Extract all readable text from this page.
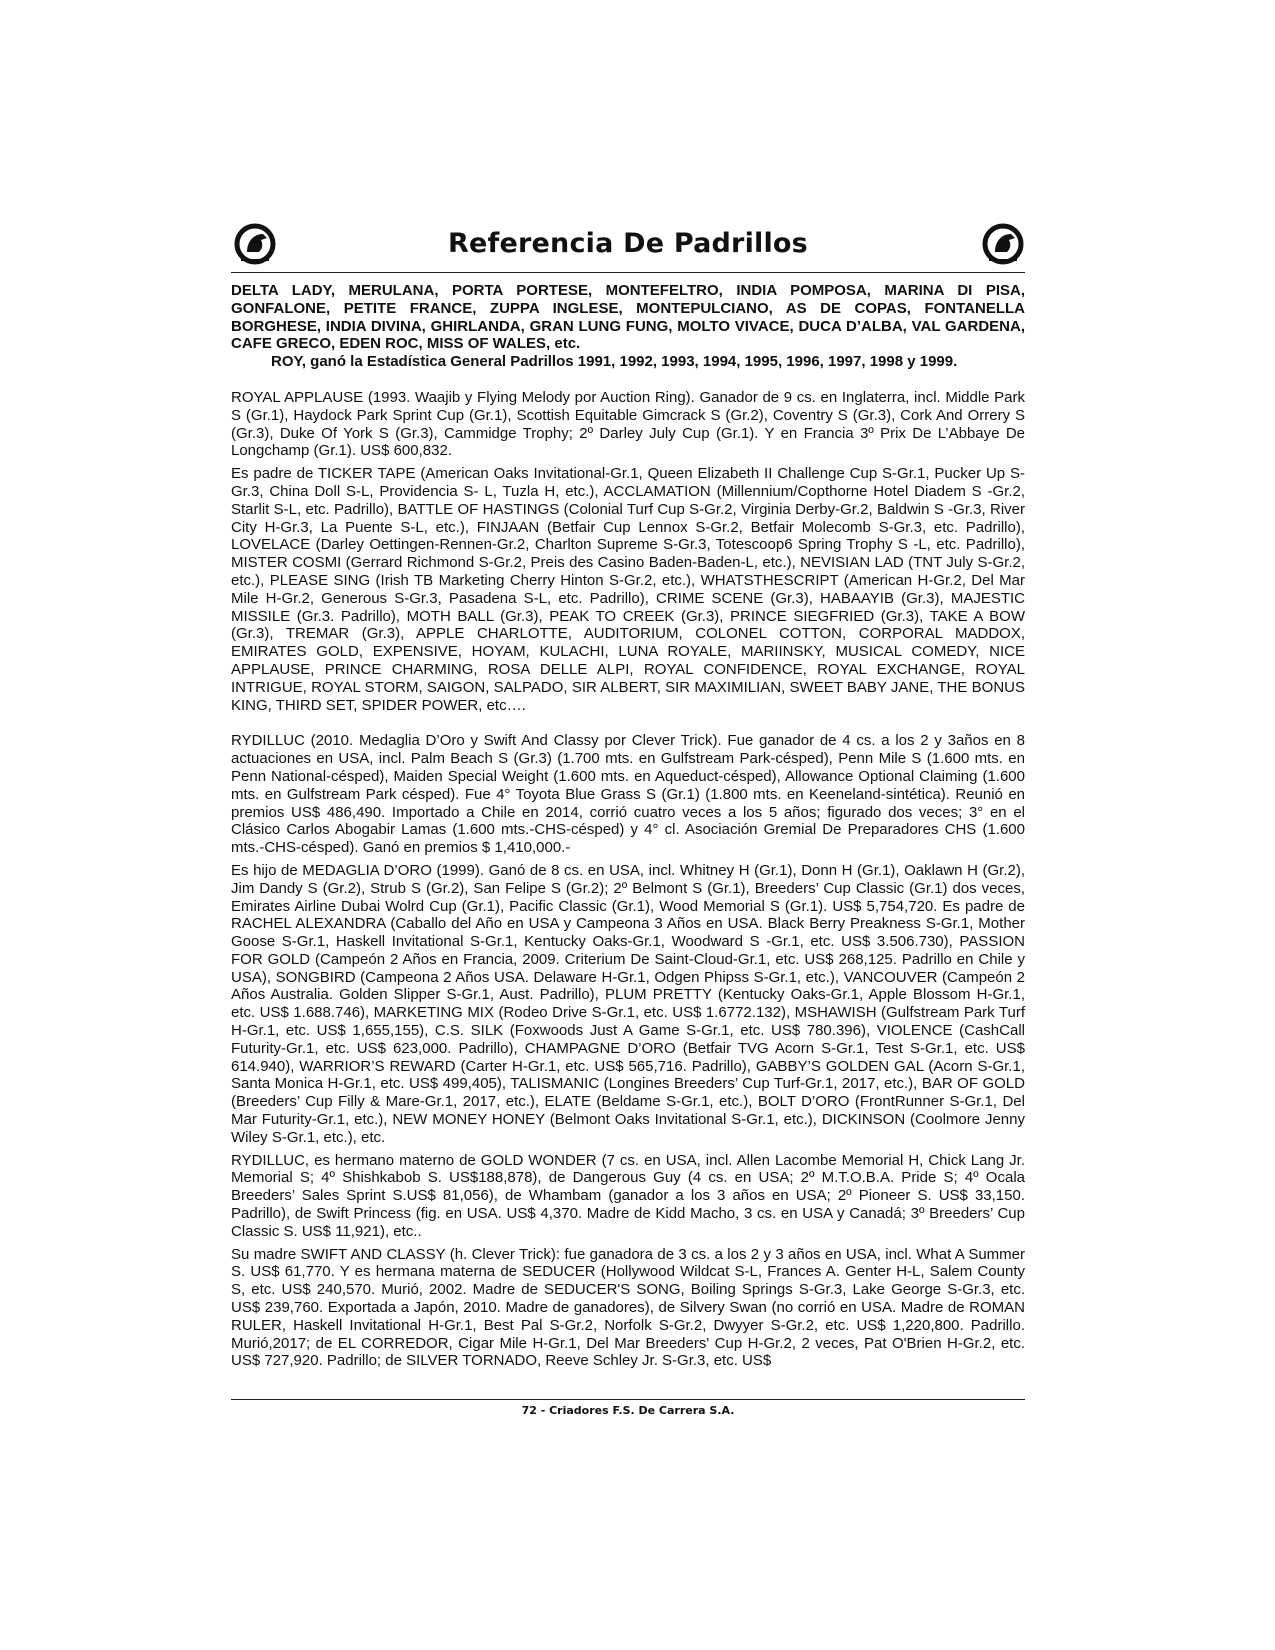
Referencia De Padrillos

DELTA LADY, MERULANA, PORTA PORTESE, MONTEFELTRO, INDIA POMPOSA, MARINA DI PISA, GONFALONE, PETITE FRANCE, ZUPPA INGLESE, MONTEPULCIANO, AS DE COPAS, FONTANELLA BORGHESE, INDIA DIVINA, GHIRLANDA, GRAN LUNG FUNG, MOLTO VIVACE, DUCA D’ALBA, VAL GARDENA, CAFE GRECO, EDEN ROC, MISS OF WALES, etc.

ROY, ganó la Estadística General Padrillos 1991, 1992, 1993, 1994, 1995, 1996, 1997, 1998 y 1999.

ROYAL APPLAUSE (1993. Waajib y Flying Melody por Auction Ring). Ganador de 9 cs. en Inglaterra, incl. Middle Park S (Gr.1), Haydock Park Sprint Cup (Gr.1), Scottish Equitable Gimcrack S (Gr.2), Coventry S (Gr.3), Cork And Orrery S (Gr.3), Duke Of York S (Gr.3), Cammidge Trophy; 2º Darley July Cup (Gr.1). Y en Francia 3º Prix De L’Abbaye De Longchamp (Gr.1). US$ 600,832.

Es padre de TICKER TAPE (American Oaks Invitational-Gr.1, Queen Elizabeth II Challenge Cup S-Gr.1, Pucker Up S-Gr.3, China Doll S-L, Providencia S- L, Tuzla H, etc.), ACCLAMATION (Millennium/Copthorne Hotel Diadem S -Gr.2, Starlit S-L, etc. Padrillo), BATTLE OF HASTINGS (Colonial Turf Cup S-Gr.2, Virginia Derby-Gr.2, Baldwin S -Gr.3, River City H-Gr.3, La Puente S-L, etc.), FINJAAN (Betfair Cup Lennox S-Gr.2, Betfair Molecomb S-Gr.3, etc. Padrillo), LOVELACE (Darley Oettingen-Rennen-Gr.2, Charlton Supreme S-Gr.3, Totescoop6 Spring Trophy S -L, etc. Padrillo), MISTER COSMI (Gerrard Richmond S-Gr.2, Preis des Casino Baden-Baden-L, etc.), NEVISIAN LAD (TNT July S-Gr.2, etc.), PLEASE SING (Irish TB Marketing Cherry Hinton S-Gr.2, etc.), WHATSTHESCRIPT (American H-Gr.2, Del Mar Mile H-Gr.2, Generous S-Gr.3, Pasadena S-L, etc. Padrillo), CRIME SCENE (Gr.3), HABAAYIB (Gr.3), MAJESTIC MISSILE (Gr.3. Padrillo), MOTH BALL (Gr.3), PEAK TO CREEK (Gr.3), PRINCE SIEGFRIED (Gr.3), TAKE A BOW (Gr.3), TREMAR (Gr.3), APPLE CHARLOTTE, AUDITORIUM, COLONEL COTTON, CORPORAL MADDOX, EMIRATES GOLD, EXPENSIVE, HOYAM, KULACHI, LUNA ROYALE, MARIINSKY, MUSICAL COMEDY, NICE APPLAUSE, PRINCE CHARMING, ROSA DELLE ALPI, ROYAL CONFIDENCE, ROYAL EXCHANGE, ROYAL INTRIGUE, ROYAL STORM, SAIGON, SALPADO, SIR ALBERT, SIR MAXIMILIAN, SWEET BABY JANE, THE BONUS KING, THIRD SET, SPIDER POWER, etc….

RYDILLUC (2010. Medaglia D’Oro y Swift And Classy por Clever Trick). Fue ganador de 4 cs. a los 2 y 3años en 8 actuaciones en USA, incl. Palm Beach S (Gr.3) (1.700 mts. en Gulfstream Park-césped), Penn Mile S (1.600 mts. en Penn National-césped), Maiden Special Weight (1.600 mts. en Aqueduct-césped), Allowance Optional Claiming (1.600 mts. en Gulfstream Park césped). Fue 4° Toyota Blue Grass S (Gr.1) (1.800 mts. en Keeneland-sintética). Reunió en premios US$ 486,490. Importado a Chile en 2014, corrió cuatro veces a los 5 años; figurado dos veces; 3° en el Clásico Carlos Abogabir Lamas (1.600 mts.-CHS-césped) y 4° cl. Asociación Gremial De Preparadores CHS (1.600 mts.-CHS-césped). Ganó en premios $ 1,410,000.-

Es hijo de MEDAGLIA D’ORO (1999). Ganó de 8 cs. en USA, incl. Whitney H (Gr.1), Donn H (Gr.1), Oaklawn H (Gr.2), Jim Dandy S (Gr.2), Strub S (Gr.2), San Felipe S (Gr.2); 2º Belmont S (Gr.1), Breeders’ Cup Classic (Gr.1) dos veces, Emirates Airline Dubai Wolrd Cup (Gr.1), Pacific Classic (Gr.1), Wood Memorial S (Gr.1). US$ 5,754,720. Es padre de RACHEL ALEXANDRA (Caballo del Año en USA y Campeona 3 Años en USA. Black Berry Preakness S-Gr.1, Mother Goose S-Gr.1, Haskell Invitational S-Gr.1, Kentucky Oaks-Gr.1, Woodward S -Gr.1, etc. US$ 3.506.730), PASSION FOR GOLD (Campeón 2 Años en Francia, 2009. Criterium De Saint-Cloud-Gr.1, etc. US$ 268,125. Padrillo en Chile y USA), SONGBIRD (Campeona 2 Años USA. Delaware H-Gr.1, Odgen Phipss S-Gr.1, etc.), VANCOUVER (Campeón 2 Años Australia. Golden Slipper S-Gr.1, Aust. Padrillo), PLUM PRETTY (Kentucky Oaks-Gr.1, Apple Blossom H-Gr.1, etc. US$ 1.688.746), MARKETING MIX (Rodeo Drive S-Gr.1, etc. US$ 1.6772.132), MSHAWISH (Gulfstream Park Turf H-Gr.1, etc. US$ 1,655,155), C.S. SILK (Foxwoods Just A Game S-Gr.1, etc. US$ 780.396), VIOLENCE (CashCall Futurity-Gr.1, etc. US$ 623,000. Padrillo), CHAMPAGNE D’ORO (Betfair TVG Acorn S-Gr.1, Test S-Gr.1, etc. US$ 614.940), WARRIOR’S REWARD (Carter H-Gr.1, etc. US$ 565,716. Padrillo), GABBY’S GOLDEN GAL (Acorn S-Gr.1, Santa Monica H-Gr.1, etc. US$ 499,405), TALISMANIC (Longines Breeders’ Cup Turf-Gr.1, 2017, etc.), BAR OF GOLD (Breeders’ Cup Filly & Mare-Gr.1, 2017, etc.), ELATE (Beldame S-Gr.1, etc.), BOLT D’ORO (FrontRunner S-Gr.1, Del Mar Futurity-Gr.1, etc.), NEW MONEY HONEY (Belmont Oaks Invitational S-Gr.1, etc.), DICKINSON (Coolmore Jenny Wiley S-Gr.1, etc.), etc.

RYDILLUC, es hermano materno de GOLD WONDER (7 cs. en USA, incl. Allen Lacombe Memorial H, Chick Lang Jr. Memorial S; 4º Shishkabob S. US$188,878), de Dangerous Guy (4 cs. en USA; 2º M.T.O.B.A. Pride S; 4º Ocala Breeders’ Sales Sprint S.US$ 81,056), de Whambam (ganador a los 3 años en USA; 2º Pioneer S. US$ 33,150. Padrillo), de Swift Princess (fig. en USA. US$ 4,370. Madre de Kidd Macho, 3 cs. en USA y Canadá; 3º Breeders’ Cup Classic S. US$ 11,921), etc..

Su madre SWIFT AND CLASSY (h. Clever Trick): fue ganadora de 3 cs. a los 2 y 3 años en USA, incl. What A Summer S. US$ 61,770. Y es hermana materna de SEDUCER (Hollywood Wildcat S-L, Frances A. Genter H-L, Salem County S, etc. US$ 240,570. Murió, 2002. Madre de SEDUCER'S SONG, Boiling Springs S-Gr.3, Lake George S-Gr.3, etc. US$ 239,760. Exportada a Japón, 2010. Madre de ganadores), de Silvery Swan (no corrió en USA. Madre de ROMAN RULER, Haskell Invitational H-Gr.1, Best Pal S-Gr.2, Norfolk S-Gr.2, Dwyyer S-Gr.2, etc. US$ 1,220,800. Padrillo. Murió,2017; de EL CORREDOR, Cigar Mile H-Gr.1, Del Mar Breeders' Cup H-Gr.2, 2 veces, Pat O'Brien H-Gr.2, etc. US$ 727,920. Padrillo; de SILVER TORNADO, Reeve Schley Jr. S-Gr.3, etc. US$

72 - Criadores F.S. De Carrera S.A.
